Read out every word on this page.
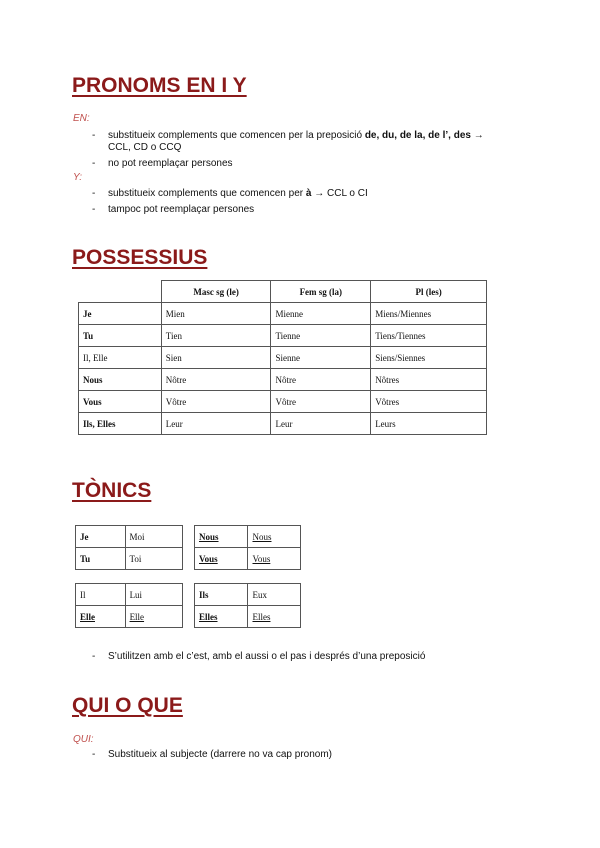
PRONOMS EN I Y
EN:
- substitueix complements que comencen per la preposició de, du, de la, de l’, des →
CCL, CD o CCQ
- no pot reemplaçar persones
Y:
- substitueix complements que comencen per à → CCL o CI
- tampoc pot reemplaçar persones
POSSESSIUS
	Masc sg (le)	Fem sg (la)	Pl (les)
Je	Mien	Mienne	Miens/Miennes
Tu	Tien	Tienne	Tiens/Tiennes
Il, Elle	Sien	Sienne	Siens/Siennes
Nous	Nôtre	Nôtre	Nôtres
Vous	Vôtre	Vôtre	Vôtres
Ils, Elles	Leur	Leur	Leurs
TÒNICS
Je	Moi
Tu	Toi
Nous	Nous
Vous	Vous
Il	Lui
Elle	Elle
Ils	Eux
Elles	Elles
- S’utilitzen amb el c’est, amb el aussi o el pas i després d’una preposició
QUI O QUE
QUI:
- Substitueix al subjecte (darrere no va cap pronom)
